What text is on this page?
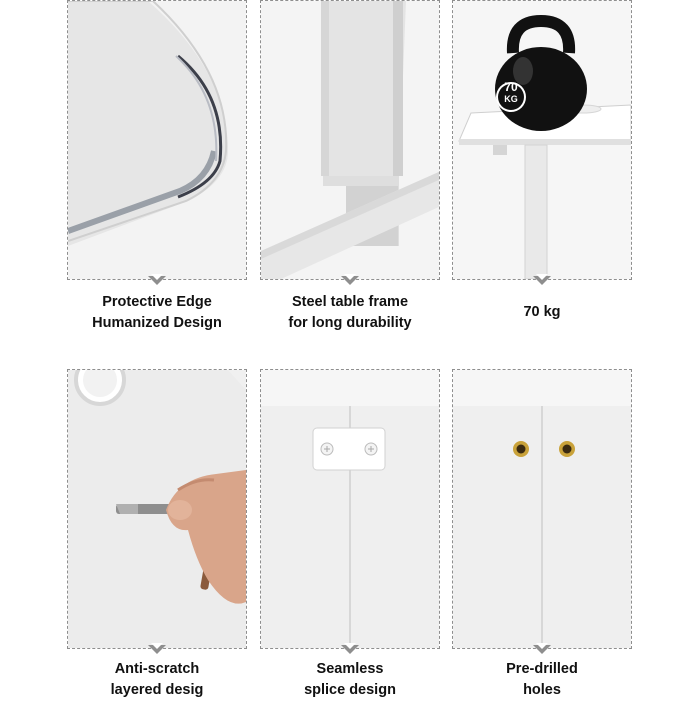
Protective Edge
Humanized Design
Steel table frame
for long durability
70
KG
70 kg
Anti-scratch
layered desig
Seamless
splice design
Pre-drilled
holes
